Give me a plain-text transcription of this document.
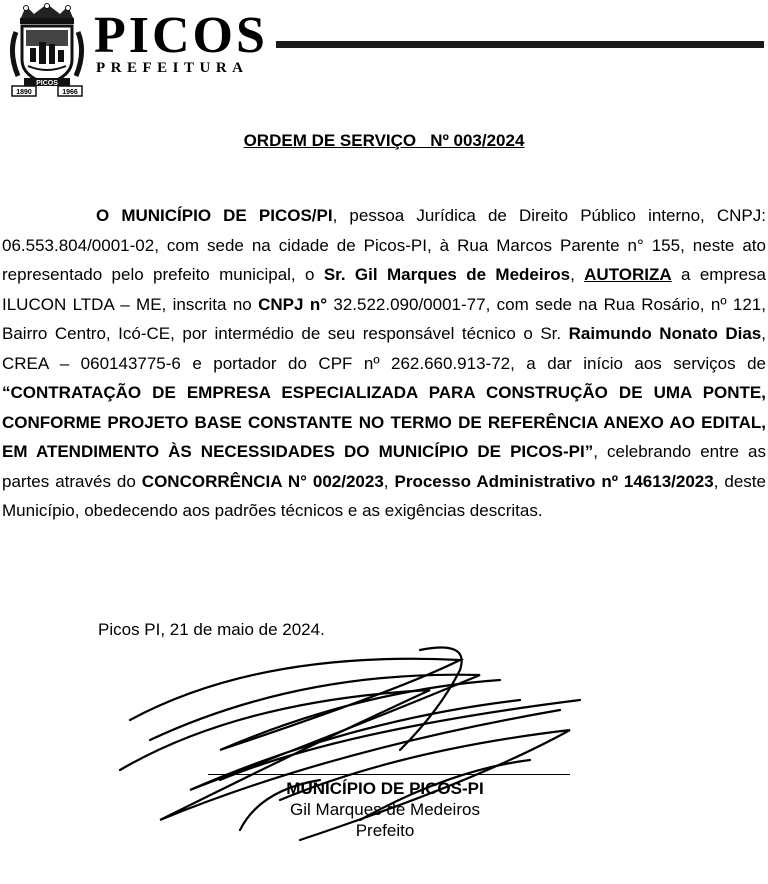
PICOS
1890	1966
PICOS
PREFEITURA
ORDEM DE SERVIÇO   Nº 003/2024

O MUNICÍPIO DE PICOS/PI, pessoa Jurídica de Direito Público interno, CNPJ: 06.553.804/0001-02, com sede na cidade de Picos-PI, à Rua Marcos Parente n° 155, neste ato representado pelo prefeito municipal, o Sr. Gil Marques de Medeiros, AUTORIZA a empresa ILUCON LTDA – ME, inscrita no CNPJ n° 32.522.090/0001-77, com sede na Rua Rosário, nº 121, Bairro Centro, Icó-CE, por intermédio de seu responsável técnico o Sr. Raimundo Nonato Dias, CREA – 060143775-6 e portador do CPF nº 262.660.913-72, a dar início aos serviços de “CONTRATAÇÃO DE EMPRESA ESPECIALIZADA PARA CONSTRUÇÃO DE UMA PONTE, CONFORME PROJETO BASE CONSTANTE NO TERMO DE REFERÊNCIA ANEXO AO EDITAL, EM ATENDIMENTO ÀS NECESSIDADES DO MUNICÍPIO DE PICOS-PI”, celebrando entre as partes através do CONCORRÊNCIA N° 002/2023, Processo Administrativo nº 14613/2023, deste Município, obedecendo aos padrões técnicos e as exigências descritas.

Picos PI, 21 de maio de 2024.
MUNICÍPIO DE PICOS-PI
Gil Marques de Medeiros
Prefeito
